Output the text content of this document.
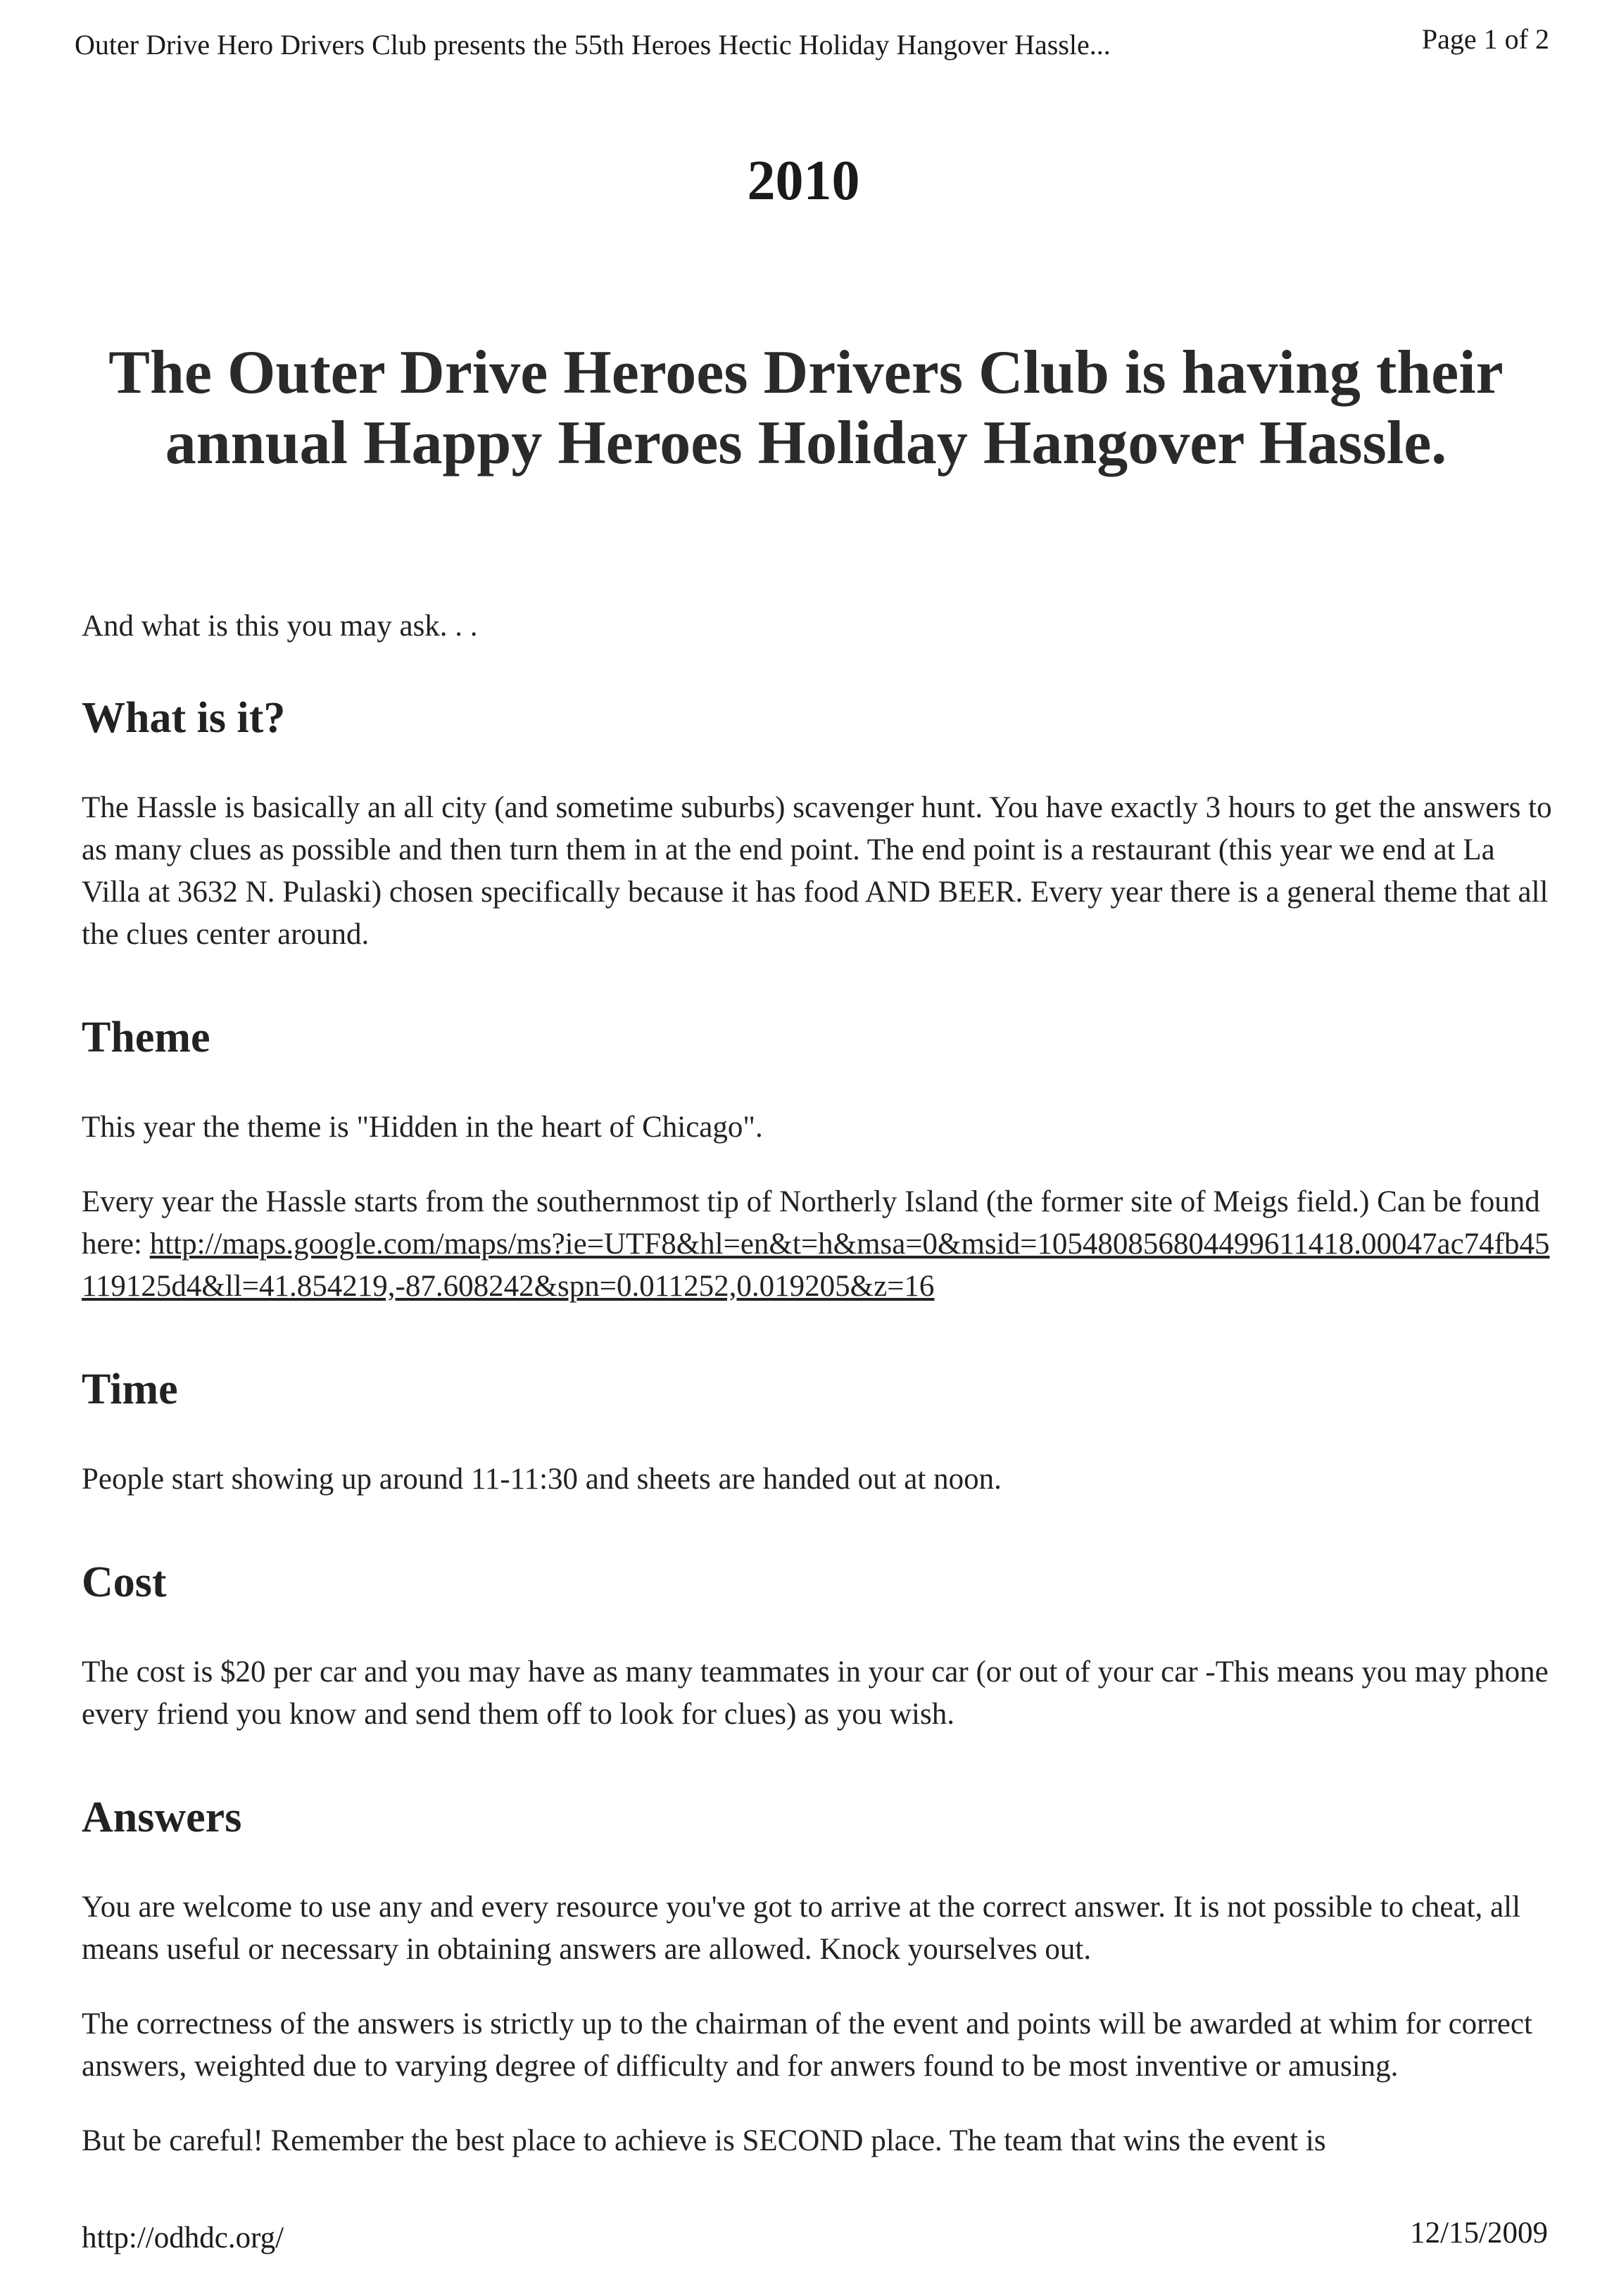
Outer Drive Hero Drivers Club presents the 55th Heroes Hectic Holiday Hangover Hassle...	Page 1 of 2
2010
The Outer Drive Heroes Drivers Club is having their annual Happy Heroes Holiday Hangover Hassle.

And what is this you may ask. . .

What is it?

The Hassle is basically an all city (and sometime suburbs) scavenger hunt. You have exactly 3 hours to get the answers to as many clues as possible and then turn them in at the end point. The end point is a restaurant (this year we end at La Villa at 3632 N. Pulaski) chosen specifically because it has food AND BEER. Every year there is a general theme that all the clues center around.

Theme

This year the theme is "Hidden in the heart of Chicago".

Every year the Hassle starts from the southernmost tip of Northerly Island (the former site of Meigs field.) Can be found here: http://maps.google.com/maps/ms?ie=UTF8&hl=en&t=h&msa=0&msid=105480856804499611418.00047ac74fb45119125d4&ll=41.854219,-87.608242&spn=0.011252,0.019205&z=16

Time

People start showing up around 11-11:30 and sheets are handed out at noon.

Cost

The cost is $20 per car and you may have as many teammates in your car (or out of your car -This means you may phone every friend you know and send them off to look for clues) as you wish.

Answers

You are welcome to use any and every resource you've got to arrive at the correct answer. It is not possible to cheat, all means useful or necessary in obtaining answers are allowed. Knock yourselves out.

The correctness of the answers is strictly up to the chairman of the event and points will be awarded at whim for correct answers, weighted due to varying degree of difficulty and for anwers found to be most inventive or amusing.

But be careful! Remember the best place to achieve is SECOND place. The team that wins the event is

http://odhdc.org/	12/15/2009
